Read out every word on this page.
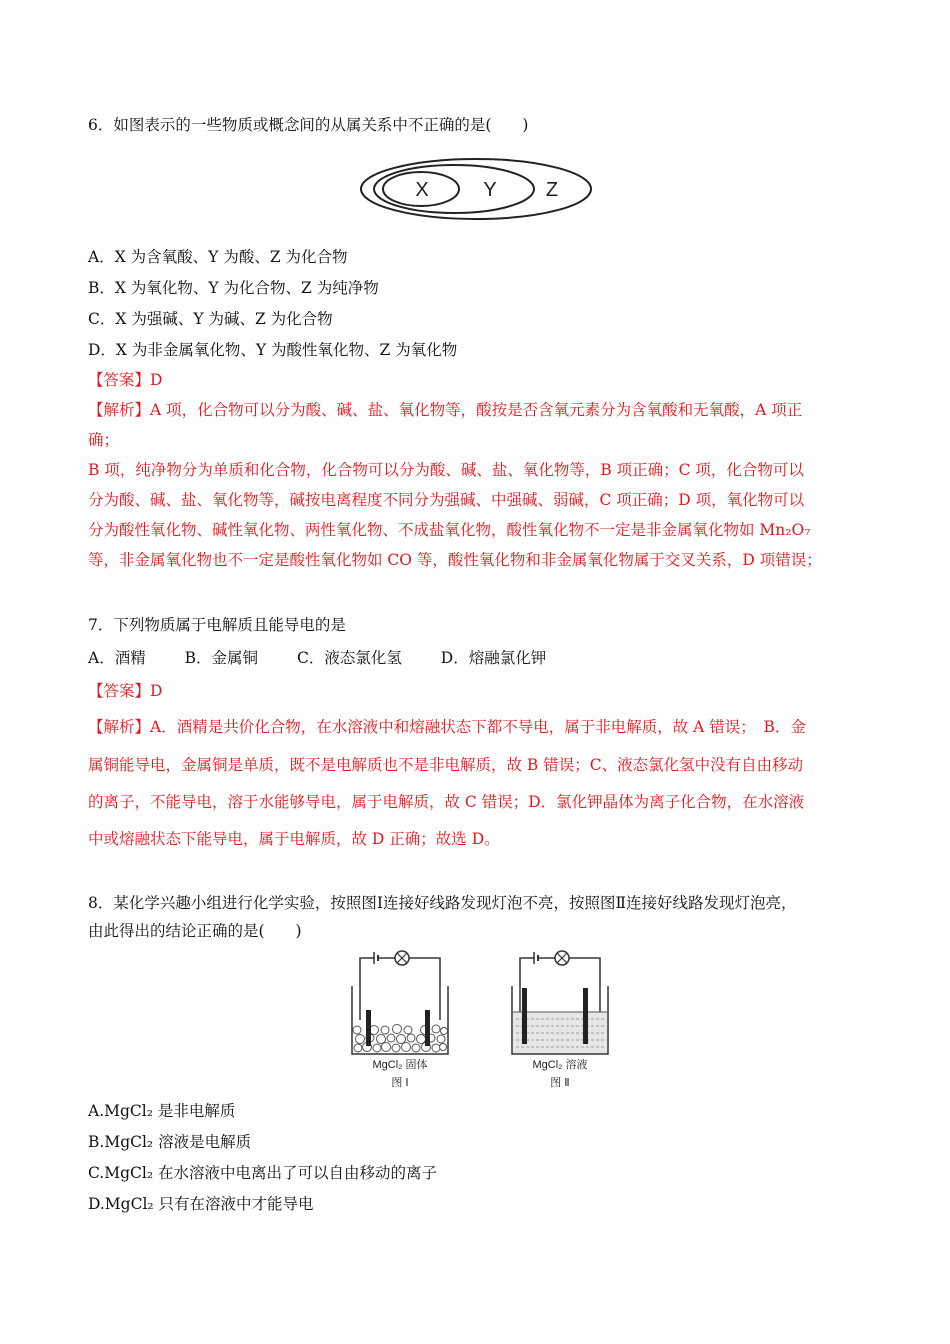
6．如图表示的一些物质或概念间的从属关系中不正确的是(　　)
X	Y Z
A．X 为含氧酸、Y 为酸、Z 为化合物
B．X 为氧化物、Y 为化合物、Z 为纯净物
C．X 为强碱、Y 为碱、Z 为化合物
D．X 为非金属氧化物、Y 为酸性氧化物、Z 为氧化物
【答案】D
【解析】A 项，化合物可以分为酸、碱、盐、氧化物等，酸按是否含氧元素分为含氧酸和无氧酸，A 项正
确；
B 项，纯净物分为单质和化合物，化合物可以分为酸、碱、盐、氧化物等，B 项正确；C 项，化合物可以
分为酸、碱、盐、氧化物等，碱按电离程度不同分为强碱、中强碱、弱碱，C 项正确；D 项，氧化物可以
分为酸性氧化物、碱性氧化物、两性氧化物、不成盐氧化物，酸性氧化物不一定是非金属氧化物如 Mn₂O₇
等，非金属氧化物也不一定是酸性氧化物如 CO 等，酸性氧化物和非金属氧化物属于交叉关系，D 项错误；
7．下列物质属于电解质且能导电的是
A．酒精	B．金属铜	C．液态氯化氢	D．熔融氯化钾
【答案】D
【解析】A．酒精是共价化合物，在水溶液中和熔融状态下都不导电，属于非电解质，故 A 错误；　B．金
属铜能导电，金属铜是单质，既不是电解质也不是非电解质，故 B 错误；C、液态氯化氢中没有自由移动
的离子，不能导电，溶于水能够导电，属于电解质，故 C 错误；D．氯化钾晶体为离子化合物，在水溶液
中或熔融状态下能导电，属于电解质，故 D 正确；故选 D。
8．某化学兴趣小组进行化学实验，按照图Ⅰ连接好线路发现灯泡不亮，按照图Ⅱ连接好线路发现灯泡亮，
由此得出的结论正确的是(　　)
MgCl₂ 固体
图 Ⅰ
MgCl₂ 溶液
图 Ⅱ
A.MgCl₂ 是非电解质
B.MgCl₂ 溶液是电解质
C.MgCl₂ 在水溶液中电离出了可以自由移动的离子
D.MgCl₂ 只有在溶液中才能导电
